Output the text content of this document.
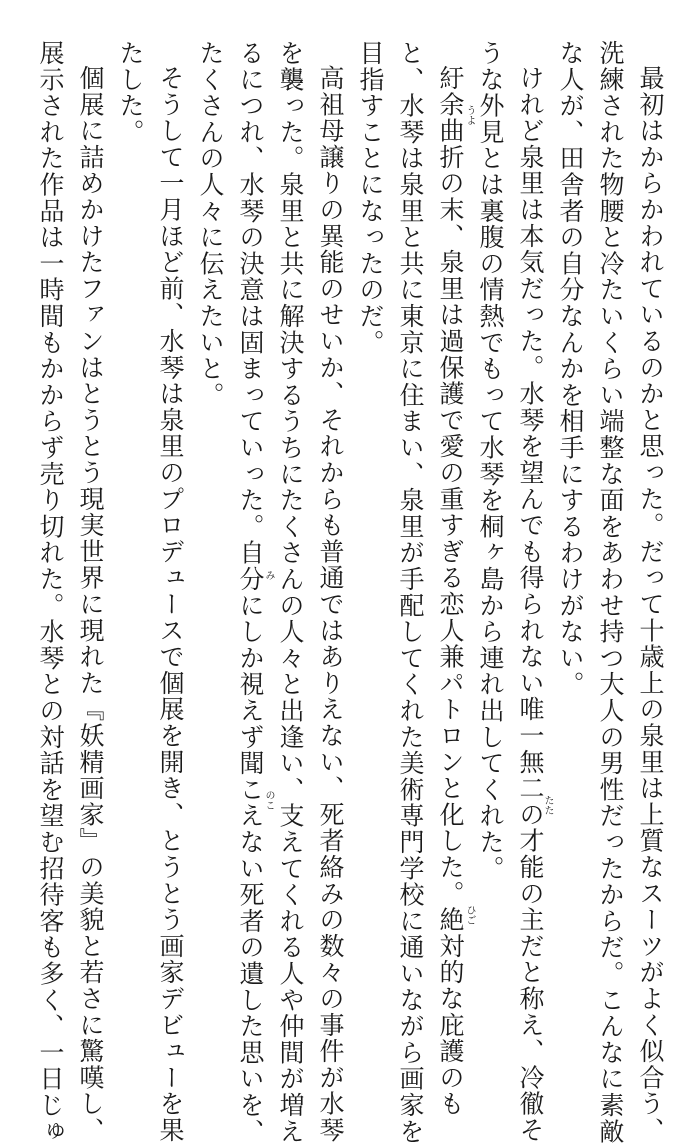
最初はからかわれているのかと思った。だって十歳上の泉里は上質なスーツがよく似合う、
洗練された物腰と冷たいくらい端整な面をあわせ持つ大人の男性だったからだ。こんなに素敵
な人が、田舎者の自分なんかを相手にするわけがない。
けれど泉里は本気だった。水琴を望んでも得られない唯一無二の才能の主だと称え、冷徹そ
うな外見とは裏腹の情熱でもって水琴を桐ヶ島から連れ出してくれた。
紆余曲折の末、泉里は過保護で愛の重すぎる恋人兼パトロンと化した。絶対的な庇護のも
と、水琴は泉里と共に東京に住まい、泉里が手配してくれた美術専門学校に通いながら画家を
目指すことになったのだ。
高祖母譲りの異能のせいか、それからも普通ではありえない、死者絡みの数々の事件が水琴
を襲った。泉里と共に解決するうちにたくさんの人々と出逢い、支えてくれる人や仲間が増え
るにつれ、水琴の決意は固まっていった。自分にしか視えず聞こえない死者の遺した思いを、
たくさんの人々に伝えたいと。
そうして一月ほど前、水琴は泉里のプロデュースで個展を開き、とうとう画家デビューを果
たした。
個展に詰めかけたファンはとうとう現実世界に現れた『妖精画家』の美貌と若さに驚嘆し、
展示された作品は一時間もかからず売り切れた。水琴との対話を望む招待客も多く、一日じゅ	うよ
たた
ひご
み
のこ
